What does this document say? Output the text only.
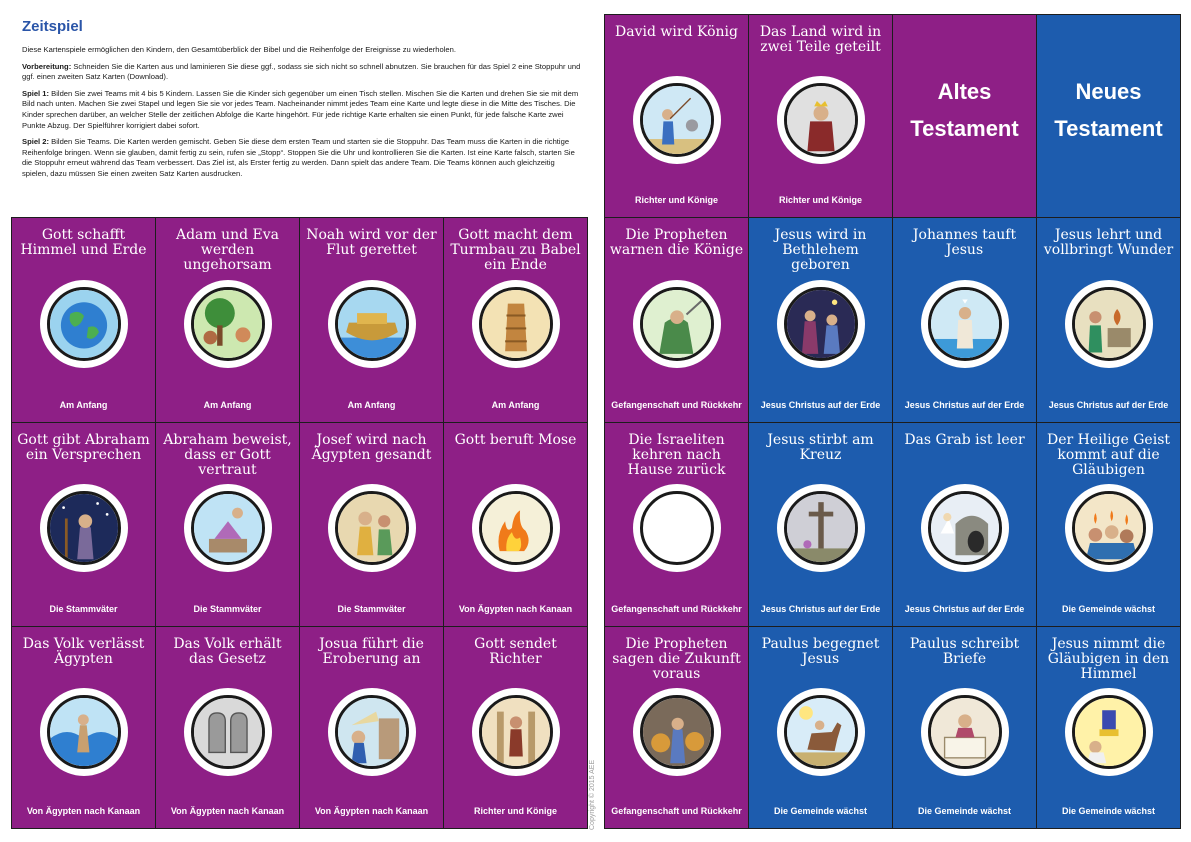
Zeitspiel

Diese Kartenspiele ermöglichen den Kindern, den Gesamtüberblick der Bibel und die Reihenfolge der Ereignisse zu wiederholen.

Vorbereitung: Schneiden Sie die Karten aus und laminieren Sie diese ggf., sodass sie sich nicht so schnell abnutzen. Sie brauchen für das Spiel 2 eine Stoppuhr und ggf. einen zweiten Satz Karten (Download).

Spiel 1: Bilden Sie zwei Teams mit 4 bis 5 Kindern. Lassen Sie die Kinder sich gegenüber um einen Tisch stellen. Mischen Sie die Karten und drehen Sie sie mit dem Bild nach unten. Machen Sie zwei Stapel und legen Sie sie vor jedes Team. Nacheinander nimmt jedes Team eine Karte und legte diese in die Mitte des Tisches. Die Kinder sprechen darüber, an welcher Stelle der zeitlichen Abfolge die Karte hingehört. Für jede richtige Karte erhalten sie einen Punkt, für jede falsche Karte zwei Punkte Abzug. Der Spielführer korrigiert dabei sofort.

Spiel 2: Bilden Sie Teams. Die Karten werden gemischt. Geben Sie diese dem ersten Team und starten sie die Stoppuhr. Das Team muss die Karten in die richtige Reihenfolge bringen. Wenn sie glauben, damit fertig zu sein, rufen sie „Stopp“. Stoppen Sie die Uhr und kontrollieren Sie die Karten. Ist eine Karte falsch, starten Sie die Stoppuhr erneut während das Team verbessert. Das Ziel ist, als Erster fertig zu werden. Dann spielt das andere Team. Die Teams können auch gleichzeitig spielen, dazu müssen Sie einen zweiten Satz Karten ausdrucken.

Copyright © 2015 AEE
Gott schafft Himmel und Erde
Am Anfang
Adam und Eva werden ungehorsam
Am Anfang
Noah wird vor der Flut gerettet
Am Anfang
Gott macht dem Turmbau zu Babel ein Ende
Am Anfang
Gott gibt Abraham ein Versprechen
Die Stammväter
Abraham beweist, dass er Gott vertraut
Die Stammväter
Josef wird nach Ägypten gesandt
Die Stammväter
Gott beruft Mose
Von Ägypten nach Kanaan
Das Volk verlässt Ägypten
Von Ägypten nach Kanaan
Das Volk erhält das Gesetz
Von Ägypten nach Kanaan
Josua führt die Eroberung an
Von Ägypten nach Kanaan
Gott sendet Richter
Richter und Könige
David wird König
Richter und Könige
Das Land wird in zwei Teile geteilt
Richter und Könige
Altes Testament
Neues Testament
Die Propheten warnen die Könige
Gefangenschaft und Rückkehr
Jesus wird in Bethlehem geboren
Jesus Christus auf der Erde
Johannes tauft Jesus
Jesus Christus auf der Erde
Jesus lehrt und vollbringt Wunder
Jesus Christus auf der Erde
Die Israeliten kehren nach Hause zurück
Gefangenschaft und Rückkehr
Jesus stirbt am Kreuz
Jesus Christus auf der Erde
Das Grab ist leer
Jesus Christus auf der Erde
Der Heilige Geist kommt auf die Gläubigen
Die Gemeinde wächst
Die Propheten sagen die Zukunft voraus
Gefangenschaft und Rückkehr
Paulus begegnet Jesus
Die Gemeinde wächst
Paulus schreibt Briefe
Die Gemeinde wächst
Jesus nimmt die Gläubigen in den Himmel
Die Gemeinde wächst
